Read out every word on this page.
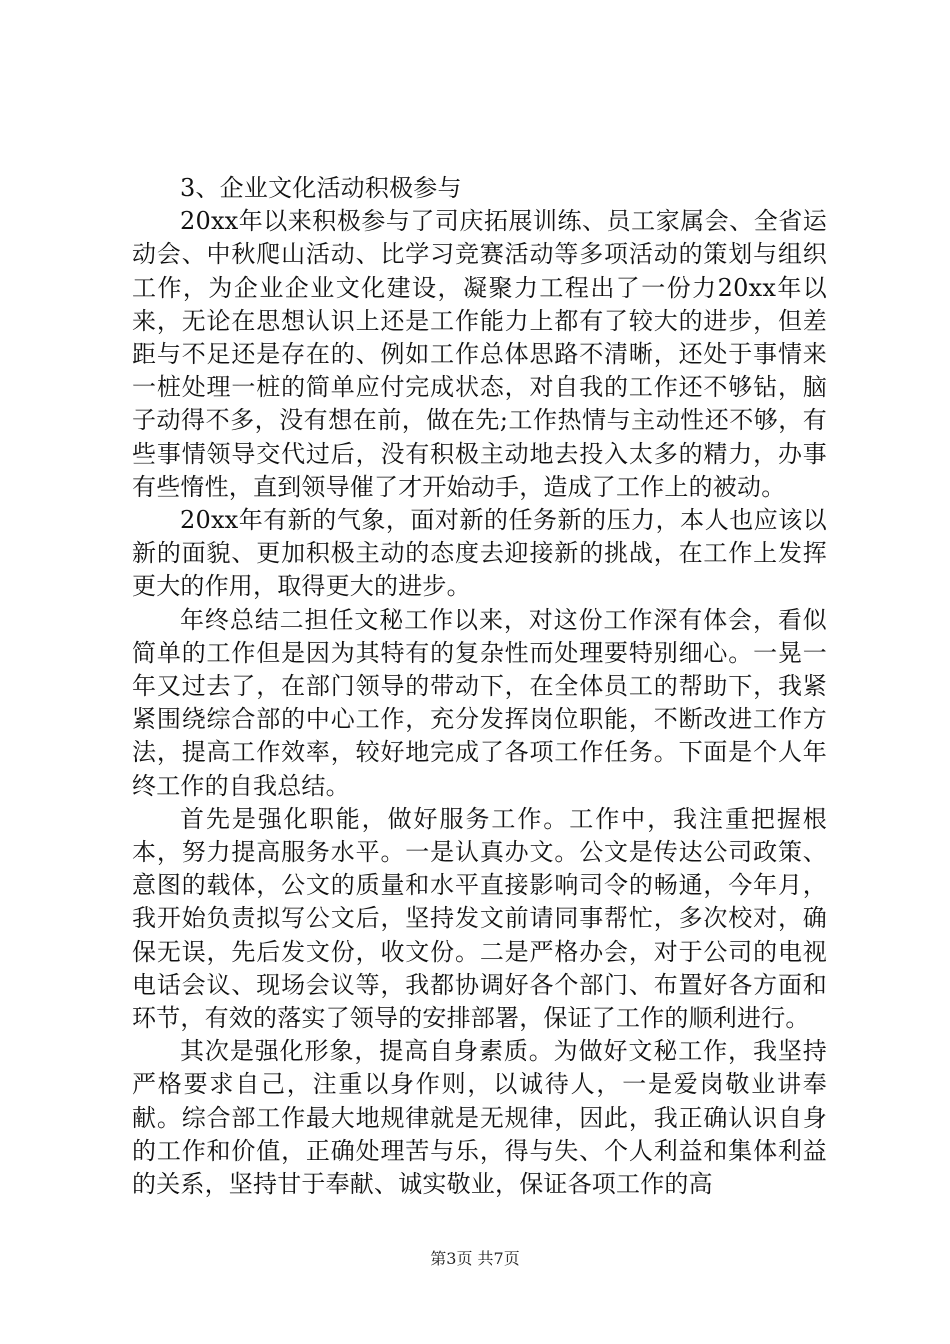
3、企业文化活动积极参与

20xx年以来积极参与了司庆拓展训练、员工家属会、全省运动会、中秋爬山活动、比学习竞赛活动等多项活动的策划与组织工作，为企业企业文化建设，凝聚力工程出了一份力20xx年以来，无论在思想认识上还是工作能力上都有了较大的进步，但差距与不足还是存在的、例如工作总体思路不清晰，还处于事情来一桩处理一桩的简单应付完成状态，对自我的工作还不够钻，脑子动得不多，没有想在前，做在先;工作热情与主动性还不够，有些事情领导交代过后，没有积极主动地去投入太多的精力，办事有些惰性，直到领导催了才开始动手，造成了工作上的被动。

20xx年有新的气象，面对新的任务新的压力，本人也应该以新的面貌、更加积极主动的态度去迎接新的挑战，在工作上发挥更大的作用，取得更大的进步。

年终总结二担任文秘工作以来，对这份工作深有体会，看似简单的工作但是因为其特有的复杂性而处理要特别细心。一晃一年又过去了，在部门领导的带动下，在全体员工的帮助下，我紧紧围绕综合部的中心工作，充分发挥岗位职能，不断改进工作方法，提高工作效率，较好地完成了各项工作任务。下面是个人年终工作的自我总结。

首先是强化职能，做好服务工作。工作中，我注重把握根本，努力提高服务水平。一是认真办文。公文是传达公司政策、意图的载体，公文的质量和水平直接影响司令的畅通，今年月，我开始负责拟写公文后，坚持发文前请同事帮忙，多次校对，确保无误，先后发文份，收文份。二是严格办会，对于公司的电视电话会议、现场会议等，我都协调好各个部门、布置好各方面和环节，有效的落实了领导的安排部署，保证了工作的顺利进行。

其次是强化形象，提高自身素质。为做好文秘工作，我坚持严格要求自己，注重以身作则，以诚待人，一是爱岗敬业讲奉献。综合部工作最大地规律就是无规律，因此，我正确认识自身的工作和价值，正确处理苦与乐，得与失、个人利益和集体利益的关系，坚持甘于奉献、诚实敬业，保证各项工作的高

第3页 共7页
